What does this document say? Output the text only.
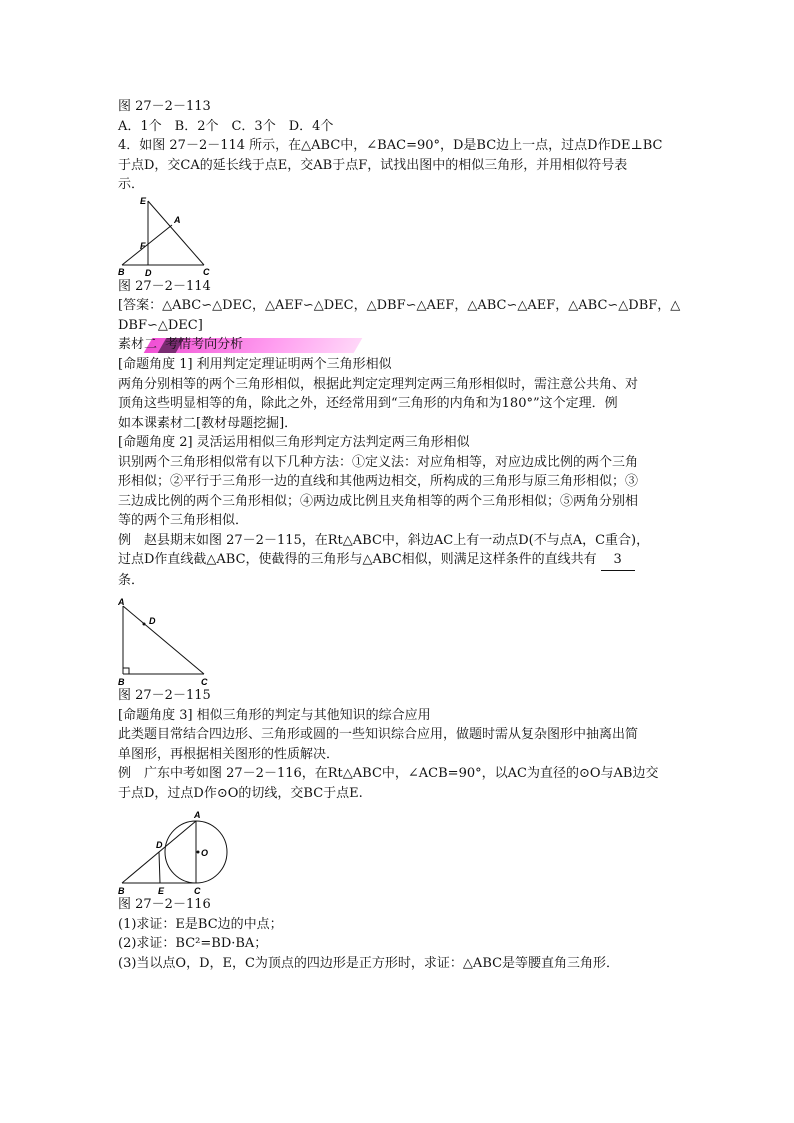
图 27－2－113
A．1个　B．2个　C．3个　D．4个
4．如图 27－2－114 所示，在△ABC中，∠BAC=90°，D是BC边上一点，过点D作DE⊥BC
于点D，交CA的延长线于点E，交AB于点F，试找出图中的相似三角形，并用相似符号表
示．
E
A
F
B D	C
图 27－2－114
[答案：△ABC∽△DEC，△AEF∽△DEC，△DBF∽△AEF，△ABC∽△AEF，△ABC∽△DBF，△
DBF∽△DEC]
素材二 考情考向分析
[命题角度 1] 利用判定定理证明两个三角形相似
两角分别相等的两个三角形相似，根据此判定定理判定两三角形相似时，需注意公共角、对
顶角这些明显相等的角，除此之外，还经常用到“三角形的内角和为180°”这个定理．例
如本课素材二[教材母题挖掘]．
[命题角度 2] 灵活运用相似三角形判定方法判定两三角形相似
识别两个三角形相似常有以下几种方法：①定义法：对应角相等，对应边成比例的两个三角
形相似；②平行于三角形一边的直线和其他两边相交，所构成的三角形与原三角形相似；③
三边成比例的两个三角形相似；④两边成比例且夹角相等的两个三角形相似；⑤两角分别相
等的两个三角形相似．
例　赵县期末如图 27－2－115，在Rt△ABC中，斜边AC上有一动点D(不与点A，C重合)，
过点D作直线截△ABC，使截得的三角形与△ABC相似，则满足这样条件的直线共有 3
条．
A
D
B	C
图 27－2－115
[命题角度 3] 相似三角形的判定与其他知识的综合应用
此类题目常结合四边形、三角形或圆的一些知识综合应用，做题时需从复杂图形中抽离出简
单图形，再根据相关图形的性质解决．
例　广东中考如图 27－2－116，在Rt△ABC中，∠ACB=90°，以AC为直径的⊙O与AB边交
于点D，过点D作⊙O的切线，交BC于点E.
A
D
O
B	E	C
图 27－2－116
(1)求证：E是BC边的中点；
(2)求证：BC²=BD·BA；
(3)当以点O，D，E，C为顶点的四边形是正方形时，求证：△ABC是等腰直角三角形．
